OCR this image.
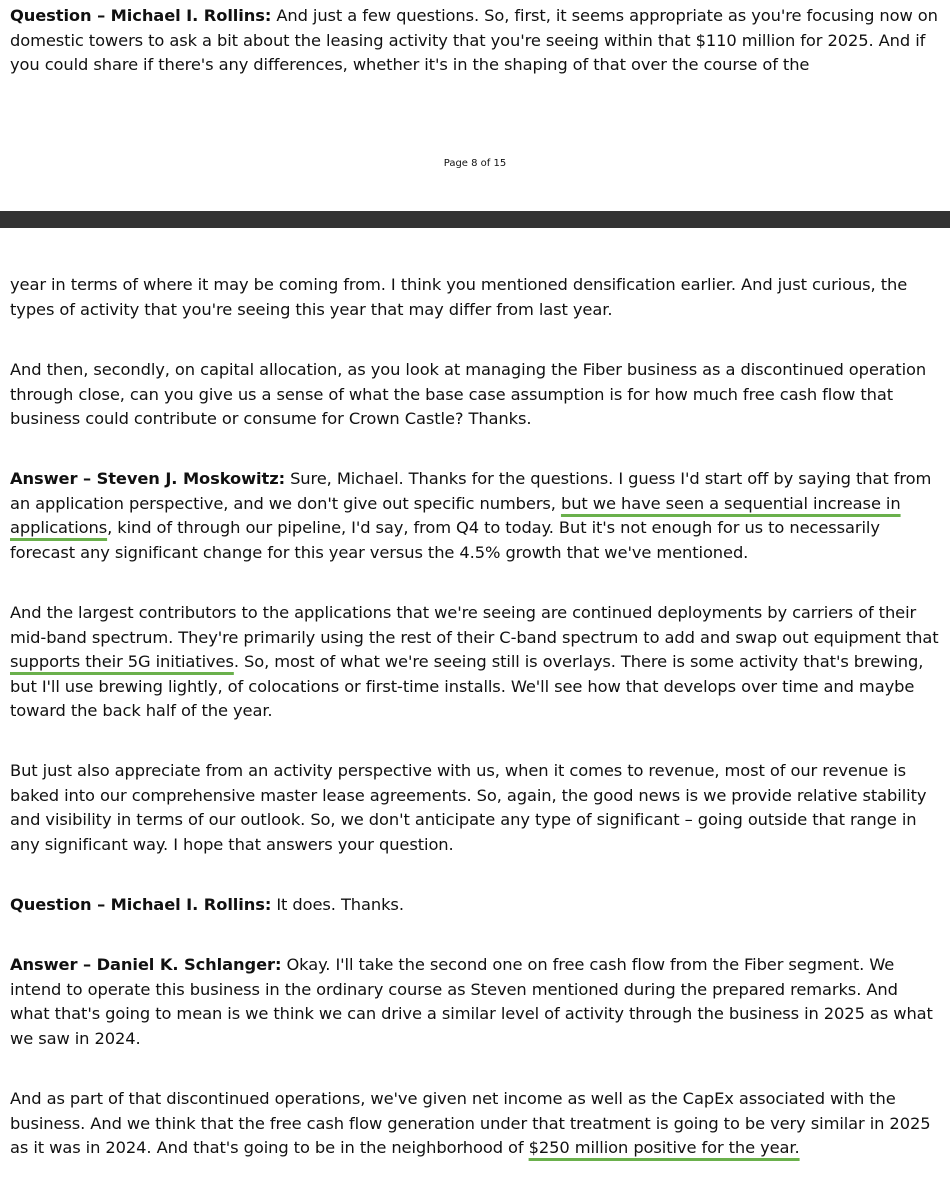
Question – Michael I. Rollins: And just a few questions. So, first, it seems appropriate as you're focusing now on domestic towers to ask a bit about the leasing activity that you're seeing within that $110 million for 2025. And if you could share if there's any differences, whether it's in the shaping of that over the course of the

Page 8 of 15

year in terms of where it may be coming from. I think you mentioned densification earlier. And just curious, the types of activity that you're seeing this year that may differ from last year.

And then, secondly, on capital allocation, as you look at managing the Fiber business as a discontinued operation through close, can you give us a sense of what the base case assumption is for how much free cash flow that business could contribute or consume for Crown Castle? Thanks.

Answer – Steven J. Moskowitz: Sure, Michael. Thanks for the questions. I guess I'd start off by saying that from an application perspective, and we don't give out specific numbers, but we have seen a sequential increase in applications, kind of through our pipeline, I'd say, from Q4 to today. But it's not enough for us to necessarily forecast any significant change for this year versus the 4.5% growth that we've mentioned.

And the largest contributors to the applications that we're seeing are continued deployments by carriers of their mid-band spectrum. They're primarily using the rest of their C-band spectrum to add and swap out equipment that supports their 5G initiatives. So, most of what we're seeing still is overlays. There is some activity that's brewing, but I'll use brewing lightly, of colocations or first-time installs. We'll see how that develops over time and maybe toward the back half of the year.

But just also appreciate from an activity perspective with us, when it comes to revenue, most of our revenue is baked into our comprehensive master lease agreements. So, again, the good news is we provide relative stability and visibility in terms of our outlook. So, we don't anticipate any type of significant – going outside that range in any significant way. I hope that answers your question.

Question – Michael I. Rollins: It does. Thanks.

Answer – Daniel K. Schlanger: Okay. I'll take the second one on free cash flow from the Fiber segment. We intend to operate this business in the ordinary course as Steven mentioned during the prepared remarks. And what that's going to mean is we think we can drive a similar level of activity through the business in 2025 as what we saw in 2024.

And as part of that discontinued operations, we've given net income as well as the CapEx associated with the business. And we think that the free cash flow generation under that treatment is going to be very similar in 2025 as it was in 2024. And that's going to be in the neighborhood of $250 million positive for the year.
